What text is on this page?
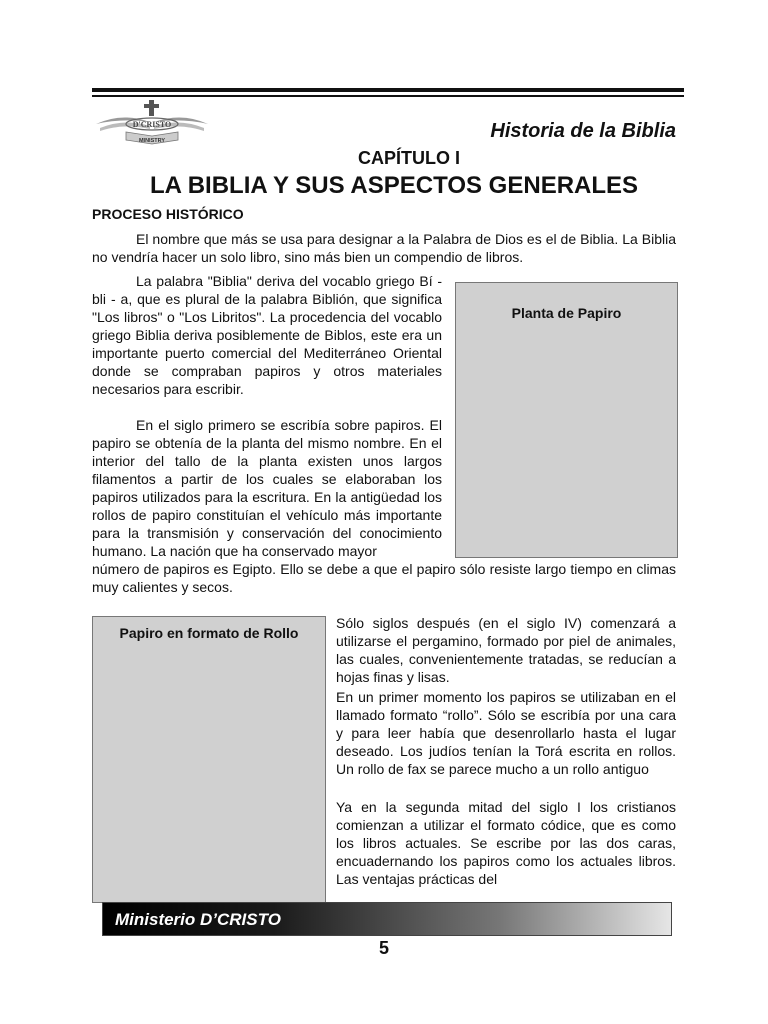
D'CRISTO
MINISTRY	Historia de la Biblia
CAPÍTULO I
LA BIBLIA Y SUS ASPECTOS GENERALES
PROCESO HISTÓRICO

El nombre que más se usa para designar a la Palabra de Dios es el de Biblia. La Biblia no vendría hacer un solo libro, sino más bien un compendio de libros.

La palabra "Biblia" deriva del vocablo griego Bí - bli - a, que es plural de la palabra Biblión, que significa "Los libros" o "Los Libritos". La procedencia del vocablo griego Biblia deriva posiblemente de Biblos, este era un importante puerto comercial del Mediterráneo Oriental donde se compraban papiros y otros materiales necesarios para escribir.

Planta de Papiro

En el siglo primero se escribía sobre papiros. El papiro se obtenía de la planta del mismo nombre. En el interior del tallo de la planta existen unos largos filamentos a partir de los cuales se elaboraban los papiros utilizados para la escritura. En la antigüedad los rollos de papiro constituían el vehículo más importante para la transmisión y conservación del conocimiento humano. La nación que ha conservado mayor

número de papiros es Egipto. Ello se debe a que el papiro sólo resiste largo tiempo en climas muy calientes y secos.

Papiro en formato de Rollo

Sólo siglos después (en el siglo IV) comenzará a utilizarse el pergamino, formado por piel de animales, las cuales, convenientemente tratadas, se reducían a hojas finas y lisas.

En un primer momento los papiros se utilizaban en el llamado formato “rollo”. Sólo se escribía por una cara y para leer había que desenrollarlo hasta el lugar deseado. Los judíos tenían la Torá escrita en rollos. Un rollo de fax se parece mucho a un rollo antiguo

Ya en la segunda mitad del siglo I los cristianos comienzan a utilizar el formato códice, que es como los libros actuales. Se escribe por las dos caras, encuadernando los papiros como los actuales libros. Las ventajas prácticas del

Ministerio D’CRISTO
5
